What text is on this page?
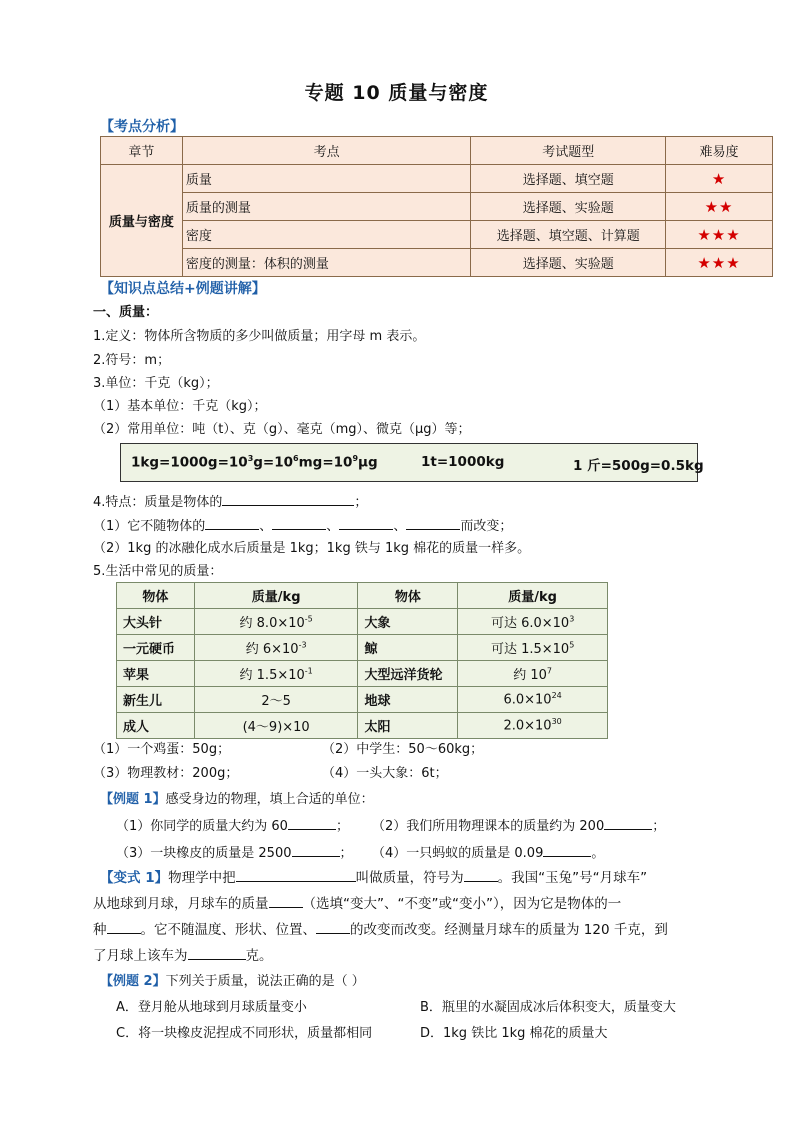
专题 10 质量与密度
【考点分析】
章节	考点	考试题型	难易度
质量与密度	质量	选择题、填空题	★
	质量的测量	选择题、实验题	★★
	密度	选择题、填空题、计算题	★★★
	密度的测量：体积的测量	选择题、实验题	★★★
【知识点总结+例题讲解】
一、质量：
1.定义：物体所含物质的多少叫做质量；用字母 m 表示。
2.符号：m；
3.单位：千克（kg）；
（1）基本单位：千克（kg）；
（2）常用单位：吨（t）、克（g）、毫克（mg）、微克（μg）等；
$1kg=1000g=10^3g=10^6mg=10^9\mu g$	1t=1000kg	1 斤=500g=0.5kg
4.特点：质量是物体的	；
（1）它不随物体的	、	、	、	而改变；
（2）1kg 的冰融化成水后质量是 1kg；1kg 铁与 1kg 棉花的质量一样多。
5.生活中常见的质量：
物体	质量/kg	物体	质量/kg
大头针	约 $8.0\times 10^{-5}$	大象	可达 $6.0\times 10^3$
一元硬币	约 $6\times 10^{-3}$	鲸	可达 $1.5\times 10^5$
苹果	约 $1.5\times 10^{-1}$	大型远洋货轮	约 $10^7$
新生儿	2～5	地球	$6.0\times 10^{24}$
成人	(4～9)×10	太阳	$2.0\times 10^{30}$
（1）一个鸡蛋：50g；	（2）中学生：50～60kg；
（3）物理教材：200g；	（4）一头大象：6t；
【例题 1】感受身边的物理，填上合适的单位：
（1）你同学的质量大约为 60	； （2）我们所用物理课本的质量约为 200	；
（3）一块橡皮的质量是 2500	； （4）一只蚂蚁的质量是 0.09	。
【变式 1】物理学中把	叫做质量，符号为	。我国“玉兔”号“月球车”
从地球到月球，月球车的质量	（选填“变大”、“不变”或“变小”），因为它是物体的一
种	。它不随温度、形状、位置、	的改变而改变。经测量月球车的质量为 120 千克，到
了月球上该车为	克。
【例题 2】下列关于质量，说法正确的是（ ）
A．登月舱从地球到月球质量变小	B．瓶里的水凝固成冰后体积变大，质量变大
C．将一块橡皮泥捏成不同形状，质量都相同	D．1kg 铁比 1kg 棉花的质量大
